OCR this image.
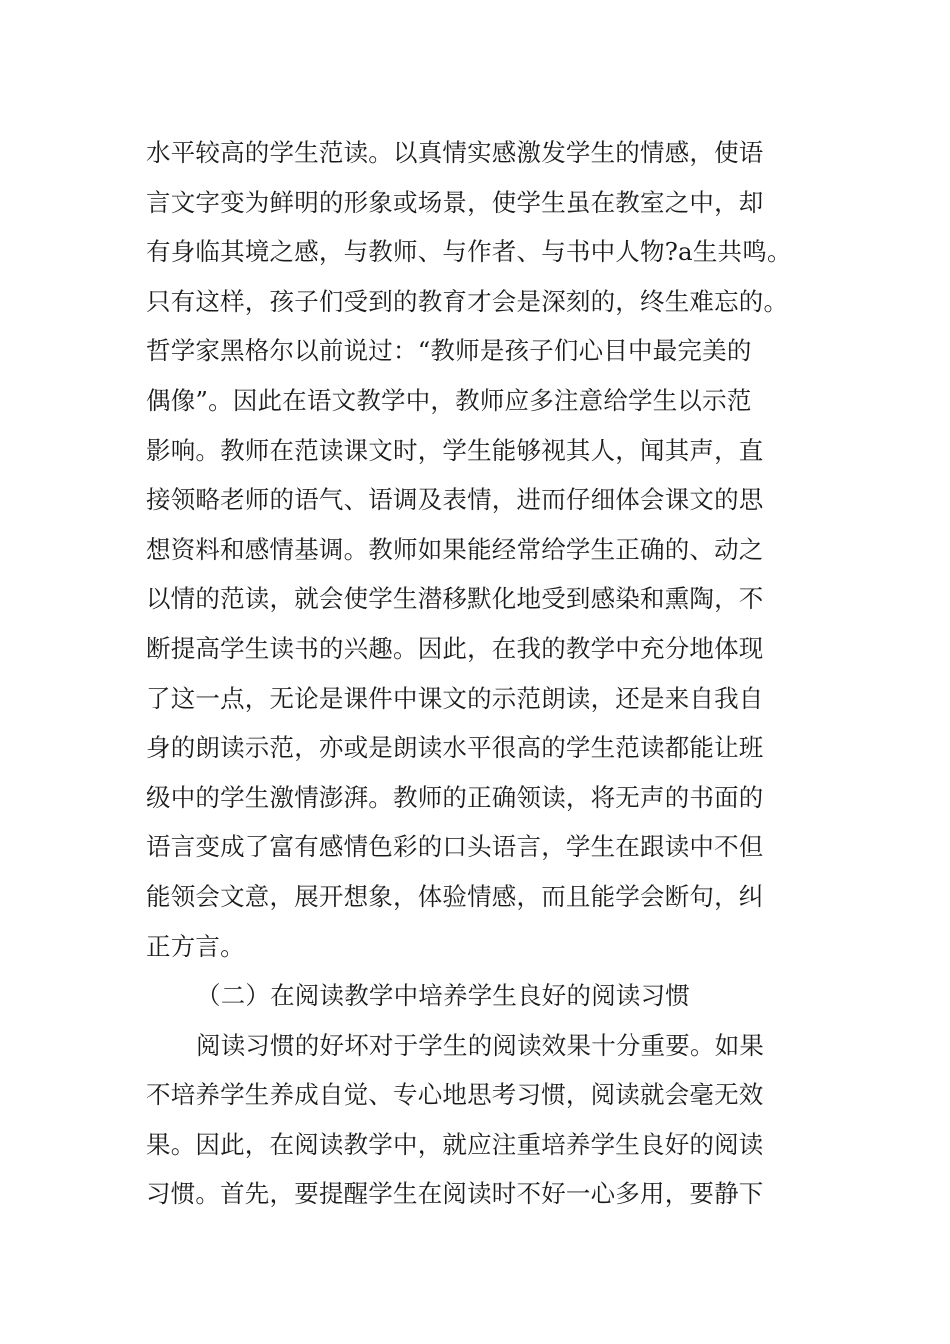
水平较高的学生范读。以真情实感激发学生的情感，使语
言文字变为鲜明的形象或场景，使学生虽在教室之中，却
有身临其境之感，与教师、与作者、与书中人物?a生共鸣。
只有这样，孩子们受到的教育才会是深刻的，终生难忘的。
哲学家黑格尔以前说过：“教师是孩子们心目中最完美的
偶像”。因此在语文教学中，教师应多注意给学生以示范
影响。教师在范读课文时，学生能够视其人，闻其声，直
接领略老师的语气、语调及表情，进而仔细体会课文的思
想资料和感情基调。教师如果能经常给学生正确的、动之
以情的范读，就会使学生潜移默化地受到感染和熏陶，不
断提高学生读书的兴趣。因此，在我的教学中充分地体现
了这一点，无论是课件中课文的示范朗读，还是来自我自
身的朗读示范，亦或是朗读水平很高的学生范读都能让班
级中的学生激情澎湃。教师的正确领读，将无声的书面的
语言变成了富有感情色彩的口头语言，学生在跟读中不但
能领会文意，展开想象，体验情感，而且能学会断句，纠
正方言。
（二）在阅读教学中培养学生良好的阅读习惯
阅读习惯的好坏对于学生的阅读效果十分重要。如果
不培养学生养成自觉、专心地思考习惯，阅读就会毫无效
果。因此，在阅读教学中，就应注重培养学生良好的阅读
习惯。首先，要提醒学生在阅读时不好一心多用，要静下
